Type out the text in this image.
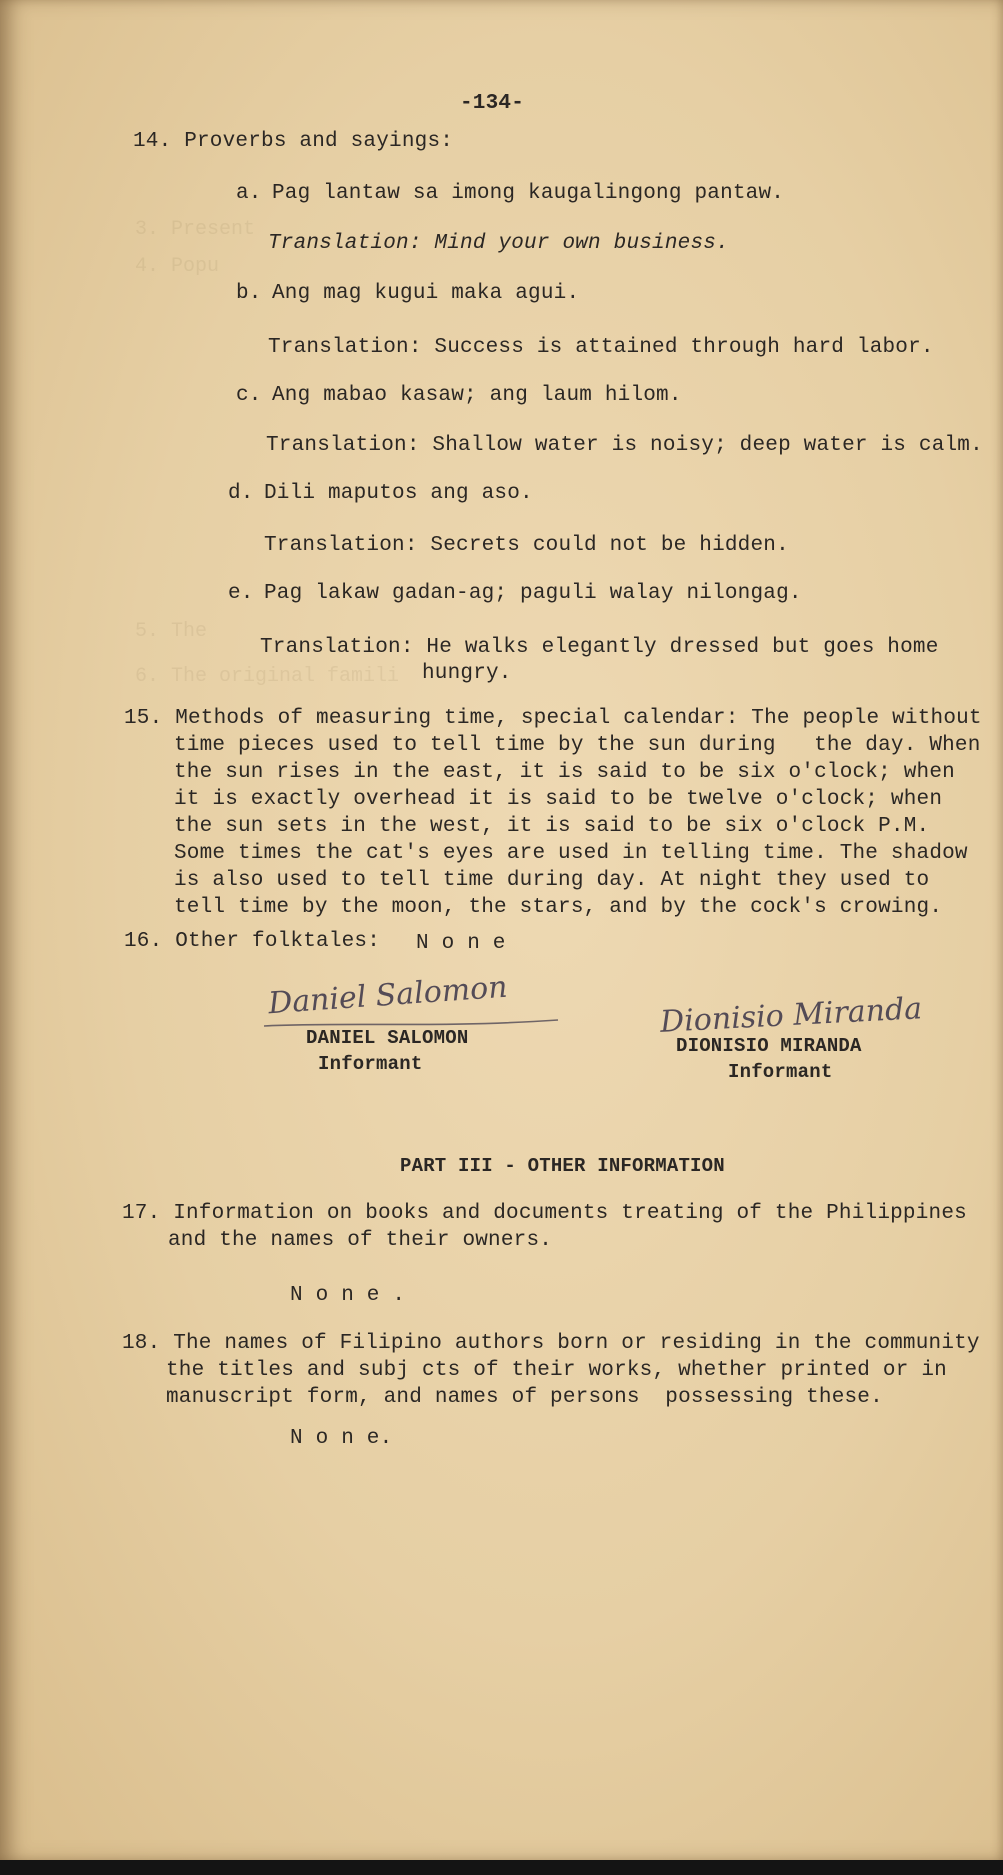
3. Present
4. Popu
5. The
6. The original famili
-134-
14. Proverbs and sayings:
a. Pag lantaw sa imong kaugalingong pantaw.
Translation: Mind your own business.
b. Ang mag kugui maka agui.
Translation: Success is attained through hard labor.
c. Ang mabao kasaw; ang laum hilom.
Translation: Shallow water is noisy; deep water is calm.
d. Dili maputos ang aso.
Translation: Secrets could not be hidden.
e. Pag lakaw gadan-ag; paguli walay nilongag.
Translation: He walks elegantly dressed but goes home
hungry.
15. Methods of measuring time, special calendar: The people without
time pieces used to tell time by the sun during   the day. When
the sun rises in the east, it is said to be six o'clock; when
it is exactly overhead it is said to be twelve o'clock; when
the sun sets in the west, it is said to be six o'clock P.M.
Some times the cat's eyes are used in telling time. The shadow
is also used to tell time during day. At night they used to
tell time by the moon, the stars, and by the cock's crowing.
16. Other folktales: N o n e
Daniel Salomon
DANIEL SALOMON
Informant
Dionisio Miranda
DIONISIO MIRANDA
Informant
PART III - OTHER INFORMATION
17. Information on books and documents treating of the Philippines
and the names of their owners.
N o n e .
18. The names of Filipino authors born or residing in the community
the titles and subj cts of their works, whether printed or in
manuscript form, and names of persons  possessing these.
N o n e.
